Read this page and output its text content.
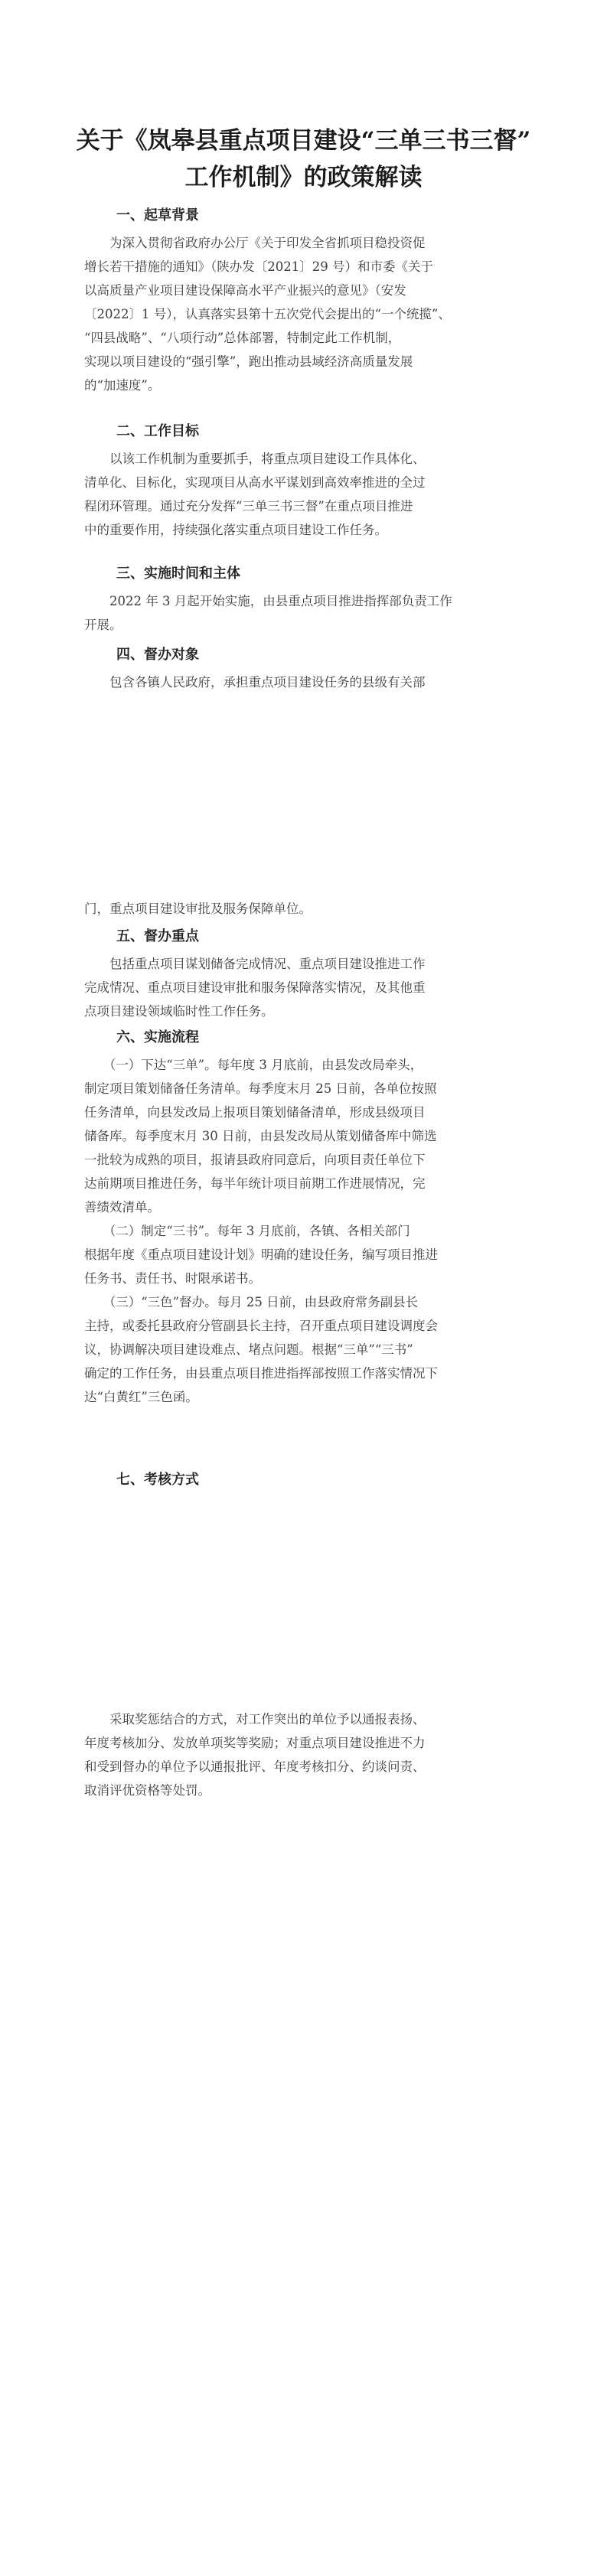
关于《岚皋县重点项目建设“三单三书三督”
工作机制》的政策解读
一、起草背景
　　为深入贯彻省政府办公厅《关于印发全省抓项目稳投资促
增长若干措施的通知》（陕办发〔2021〕29 号）和市委《关于
以高质量产业项目建设保障高水平产业振兴的意见》（安发
〔2022〕1 号），认真落实县第十五次党代会提出的“一个统揽”、
“四县战略”、“八项行动”总体部署，特制定此工作机制，
实现以项目建设的“强引擎”，跑出推动县域经济高质量发展
的“加速度”。
二、工作目标
　　以该工作机制为重要抓手，将重点项目建设工作具体化、
清单化、目标化，实现项目从高水平谋划到高效率推进的全过
程闭环管理。通过充分发挥“三单三书三督”在重点项目推进
中的重要作用，持续强化落实重点项目建设工作任务。
三、实施时间和主体
　　2022 年 3 月起开始实施，由县重点项目推进指挥部负责工作
开展。
四、督办对象
　　包含各镇人民政府，承担重点项目建设任务的县级有关部
门，重点项目建设审批及服务保障单位。
五、督办重点
　　包括重点项目谋划储备完成情况、重点项目建设推进工作
完成情况、重点项目建设审批和服务保障落实情况，及其他重
点项目建设领域临时性工作任务。
六、实施流程
　　（一）下达“三单”。每年度 3 月底前，由县发改局牵头，
制定项目策划储备任务清单。每季度末月 25 日前，各单位按照
任务清单，向县发改局上报项目策划储备清单，形成县级项目
储备库。每季度末月 30 日前，由县发改局从策划储备库中筛选
一批较为成熟的项目，报请县政府同意后，向项目责任单位下
达前期项目推进任务，每半年统计项目前期工作进展情况，完
善绩效清单。
　　（二）制定“三书”。每年 3 月底前，各镇、各相关部门
根据年度《重点项目建设计划》明确的建设任务，编写项目推进
任务书、责任书、时限承诺书。
　　（三）“三色”督办。每月 25 日前，由县政府常务副县长
主持，或委托县政府分管副县长主持，召开重点项目建设调度会
议，协调解决项目建设难点、堵点问题。根据“三单”“三书”
确定的工作任务，由县重点项目推进指挥部按照工作落实情况下
达“白黄红”三色函。
七、考核方式
　　采取奖惩结合的方式，对工作突出的单位予以通报表扬、
年度考核加分、发放单项奖等奖励；对重点项目建设推进不力
和受到督办的单位予以通报批评、年度考核扣分、约谈问责、
取消评优资格等处罚。
